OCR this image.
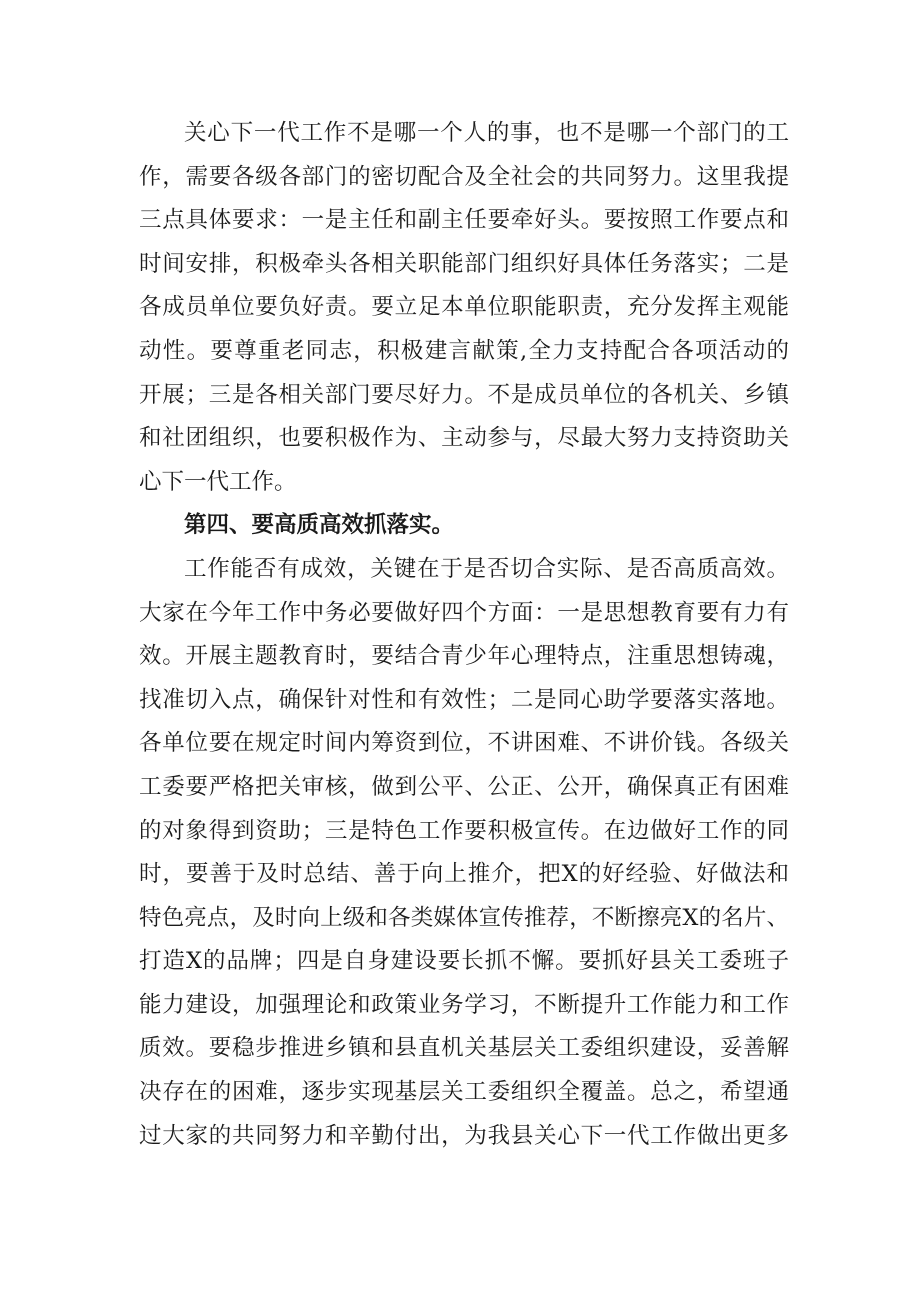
关心下一代工作不是哪一个人的事，也不是哪一个部门的工
作，需要各级各部门的密切配合及全社会的共同努力。这里我提
三点具体要求：一是主任和副主任要牵好头。要按照工作要点和
时间安排，积极牵头各相关职能部门组织好具体任务落实；二是
各成员单位要负好责。要立足本单位职能职责，充分发挥主观能
动性。要尊重老同志，积极建言献策,全力支持配合各项活动的
开展；三是各相关部门要尽好力。不是成员单位的各机关、乡镇
和社团组织，也要积极作为、主动参与，尽最大努力支持资助关
心下一代工作。
第四、要高质高效抓落实。
工作能否有成效，关键在于是否切合实际、是否高质高效。
大家在今年工作中务必要做好四个方面：一是思想教育要有力有
效。开展主题教育时，要结合青少年心理特点，注重思想铸魂，
找准切入点，确保针对性和有效性；二是同心助学要落实落地。
各单位要在规定时间内筹资到位，不讲困难、不讲价钱。各级关
工委要严格把关审核，做到公平、公正、公开，确保真正有困难
的对象得到资助；三是特色工作要积极宣传。在边做好工作的同
时，要善于及时总结、善于向上推介，把X的好经验、好做法和
特色亮点，及时向上级和各类媒体宣传推荐，不断擦亮X的名片、
打造X的品牌；四是自身建设要长抓不懈。要抓好县关工委班子
能力建设，加强理论和政策业务学习，不断提升工作能力和工作
质效。要稳步推进乡镇和县直机关基层关工委组织建设，妥善解
决存在的困难，逐步实现基层关工委组织全覆盖。总之，希望通
过大家的共同努力和辛勤付出，为我县关心下一代工作做出更多
